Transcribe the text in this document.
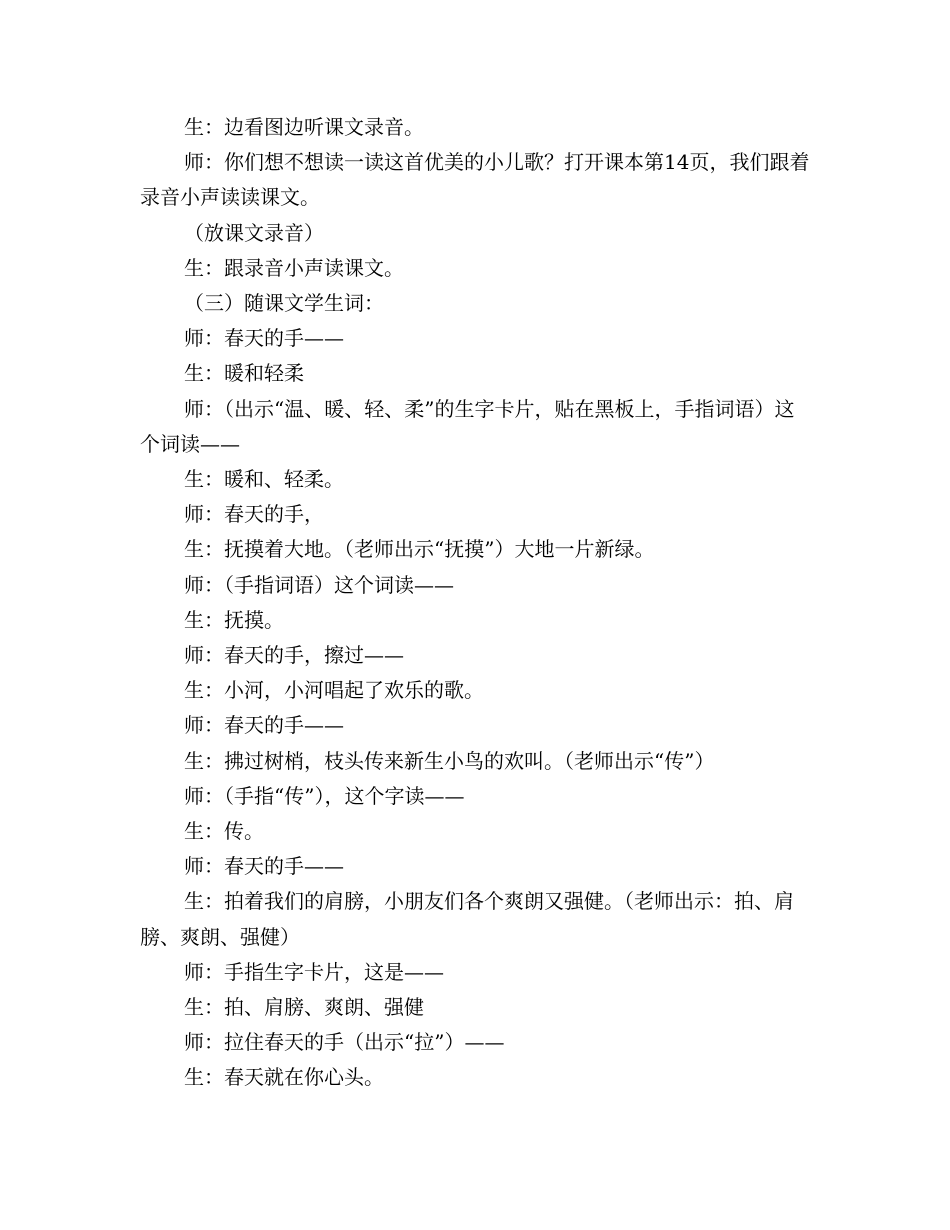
生：边看图边听课文录音。

师：你们想不想读一读这首优美的小儿歌？打开课本第14页，我们跟着录音小声读读课文。

（放课文录音）

生：跟录音小声读课文。

（三）随课文学生词：

师：春天的手——

生：暖和轻柔

师：（出示“温、暖、轻、柔”的生字卡片，贴在黑板上，手指词语）这个词读——

生：暖和、轻柔。

师：春天的手，

生：抚摸着大地。（老师出示“抚摸”）大地一片新绿。

师：（手指词语）这个词读——

生：抚摸。

师：春天的手，擦过——

生：小河，小河唱起了欢乐的歌。

师：春天的手——

生：拂过树梢，枝头传来新生小鸟的欢叫。（老师出示“传”）

师：（手指“传”），这个字读——

生：传。

师：春天的手——

生：拍着我们的肩膀，小朋友们各个爽朗又强健。（老师出示：拍、肩膀、爽朗、强健）

师：手指生字卡片，这是——

生：拍、肩膀、爽朗、强健

师：拉住春天的手（出示“拉”）——

生：春天就在你心头。
